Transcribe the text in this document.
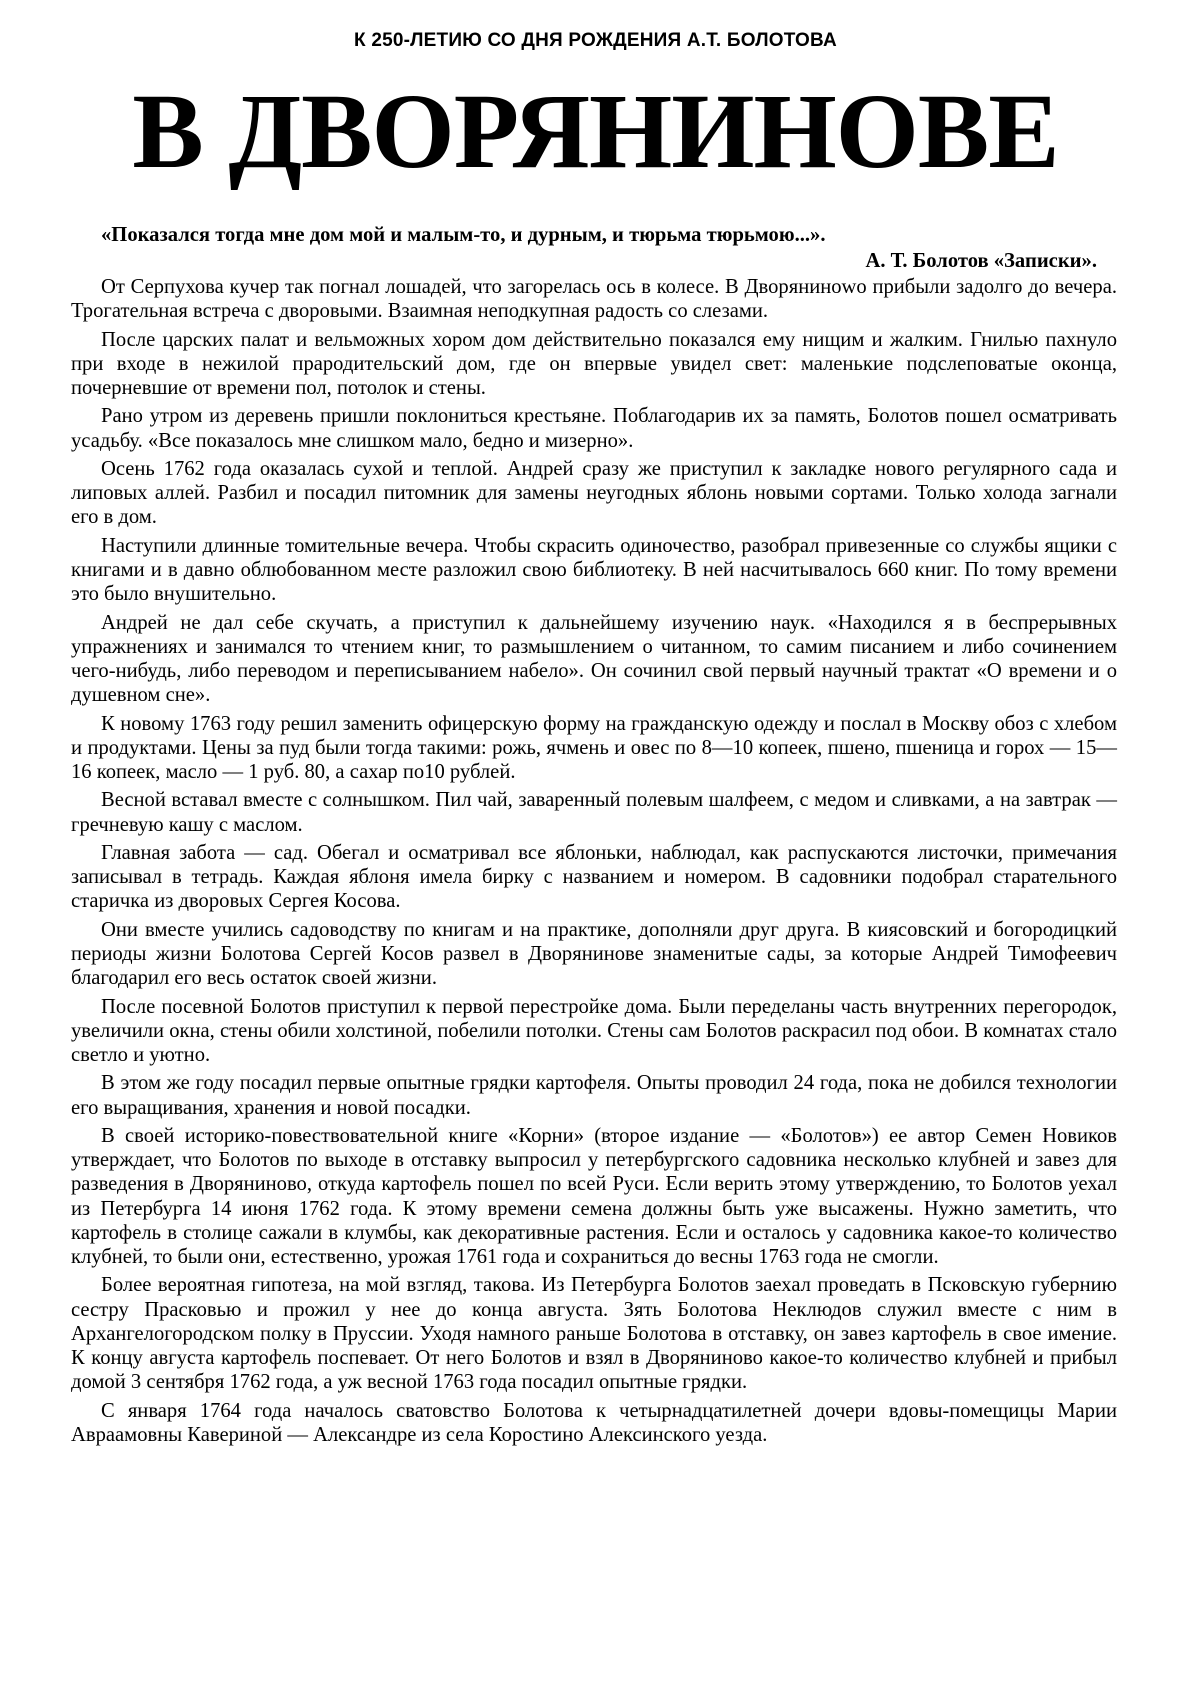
К 250-ЛЕТИЮ СО ДНЯ РОЖДЕНИЯ А.Т. БОЛОТОВА
В ДВОРЯНИНОВЕ

«Показался тогда мне дом мой и малым-то, и дурным, и тюрьма тюрьмою...».

А. Т. Болотов «Записки».

От Серпухова кучер так погнал лошадей, что загорелась ось в колесе. В Дворянинowo прибыли задолго до вечера. Трогательная встреча с дворовыми. Взаимная неподкупная радость со слезами.

После царских палат и вельможных хором дом действительно показался ему нищим и жалким. Гнилью пахнуло при входе в нежилой прародительский дом, где он впервые увидел свет: маленькие подслеповатые оконца, почерневшие от времени пол, потолок и стены.

Рано утром из деревень пришли поклониться крестьяне. Поблагодарив их за память, Болотов пошел осматривать усадьбу. «Все показалось мне слишком мало, бедно и мизерно».

Осень 1762 года оказалась сухой и теплой. Андрей сразу же приступил к закладке нового регулярного сада и липовых аллей. Разбил и посадил питомник для замены неугодных яблонь новыми сортами. Только холода загнали его в дом.

Наступили длинные томительные вечера. Чтобы скрасить одиночество, разобрал привезенные со службы ящики с книгами и в давно облюбованном месте разложил свою библиотеку. В ней насчитывалось 660 книг. По тому времени это было внушительно.

Андрей не дал себе скучать, а приступил к дальнейшему изучению наук. «Находился я в беспрерывных упражнениях и занимался то чтением книг, то размышлением о читанном, то самим писанием и либо сочинением чего-нибудь, либо переводом и переписыванием набело». Он сочинил свой первый научный трактат «О времени и о душевном сне».

К новому 1763 году решил заменить офицерскую форму на гражданскую одежду и послал в Москву обоз с хлебом и продуктами. Цены за пуд были тогда такими: рожь, ячмень и овес по 8—10 копеек, пшено, пшеница и горох — 15—16 копеек, масло — 1 руб. 80, а сахар по10 рублей.

Весной вставал вместе с солнышком. Пил чай, заваренный полевым шалфеем, с медом и сливками, а на завтрак —гречневую кашу с маслом.

Главная забота — сад. Обегал и осматривал все яблоньки, наблюдал, как распускаются листочки, примечания записывал в тетрадь. Каждая яблоня имела бирку с названием и номером. В садовники подобрал старательного старичка из дворовых Сергея Косова.

Они вместе учились садоводству по книгам и на практике, дополняли друг друга. В киясовский и богородицкий периоды жизни Болотова Сергей Косов развел в Дворянинове знаменитые сады, за которые Андрей Тимофеевич благодарил его весь остаток своей жизни.

После посевной Болотов приступил к первой перестройке дома. Были переделаны часть внутренних перегородок, увеличили окна, стены обили холстиной, побелили потолки. Стены сам Болотов раскрасил под обои. В комнатах стало светло и уютно.

В этом же году посадил первые опытные грядки картофеля. Опыты проводил 24 года, пока не добился технологии его выращивания, хранения и новой посадки.

В своей историко-повествовательной книге «Корни» (второе издание — «Болотов») ее автор Семен Новиков утверждает, что Болотов по выходе в отставку выпросил у петербургского садовника несколько клубней и завез для разведения в Дворяниново, откуда картофель пошел по всей Руси. Если верить этому утверждению, то Болотов уехал из Петербурга 14 июня 1762 года. К этому времени семена должны быть уже высажены. Нужно заметить, что картофель в столице сажали в клумбы, как декоративные растения. Если и осталось у садовника какое-то количество клубней, то были они, естественно, урожая 1761 года и сохраниться до весны 1763 года не смогли.

Более вероятная гипотеза, на мой взгляд, такова. Из Петербурга Болотов заехал проведать в Псковскую губернию сестру Прасковью и прожил у нее до конца августа. Зять Болотова Неклюдов служил вместе с ним в Архангелогородском полку в Пруссии. Уходя намного раньше Болотова в отставку, он завез картофель в свое имение. К концу августа картофель поспевает. От него Болотов и взял в Дворяниново какое-то количество клубней и прибыл домой 3 сентября 1762 года, а уж весной 1763 года посадил опытные грядки.

С января 1764 года началось сватовство Болотова к четырнадцатилетней дочери вдовы-помещицы Марии Авраамовны Кавериной — Александре из села Коростино Алексинского уезда.
